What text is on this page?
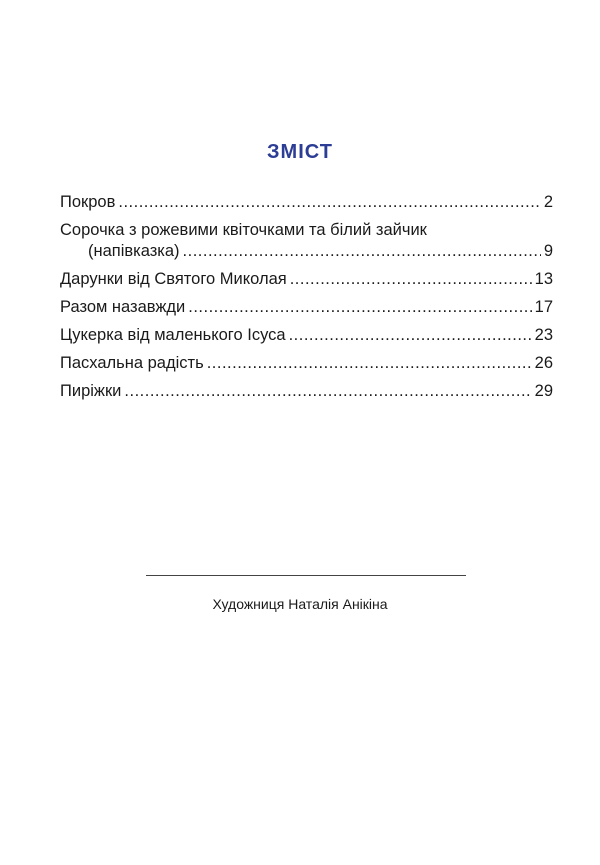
ЗМІСТ
Покров .....	2
Сорочка з рожевими квіточками та білий зайчик
(напівказка) .....	9
Дарунки від Святого Миколая .....	13
Разом назавжди .....	17
Цукерка від маленького Ісуса .....	23
Пасхальна радість .....	26
Пиріжки .....	29
Художниця Наталія Анікіна
